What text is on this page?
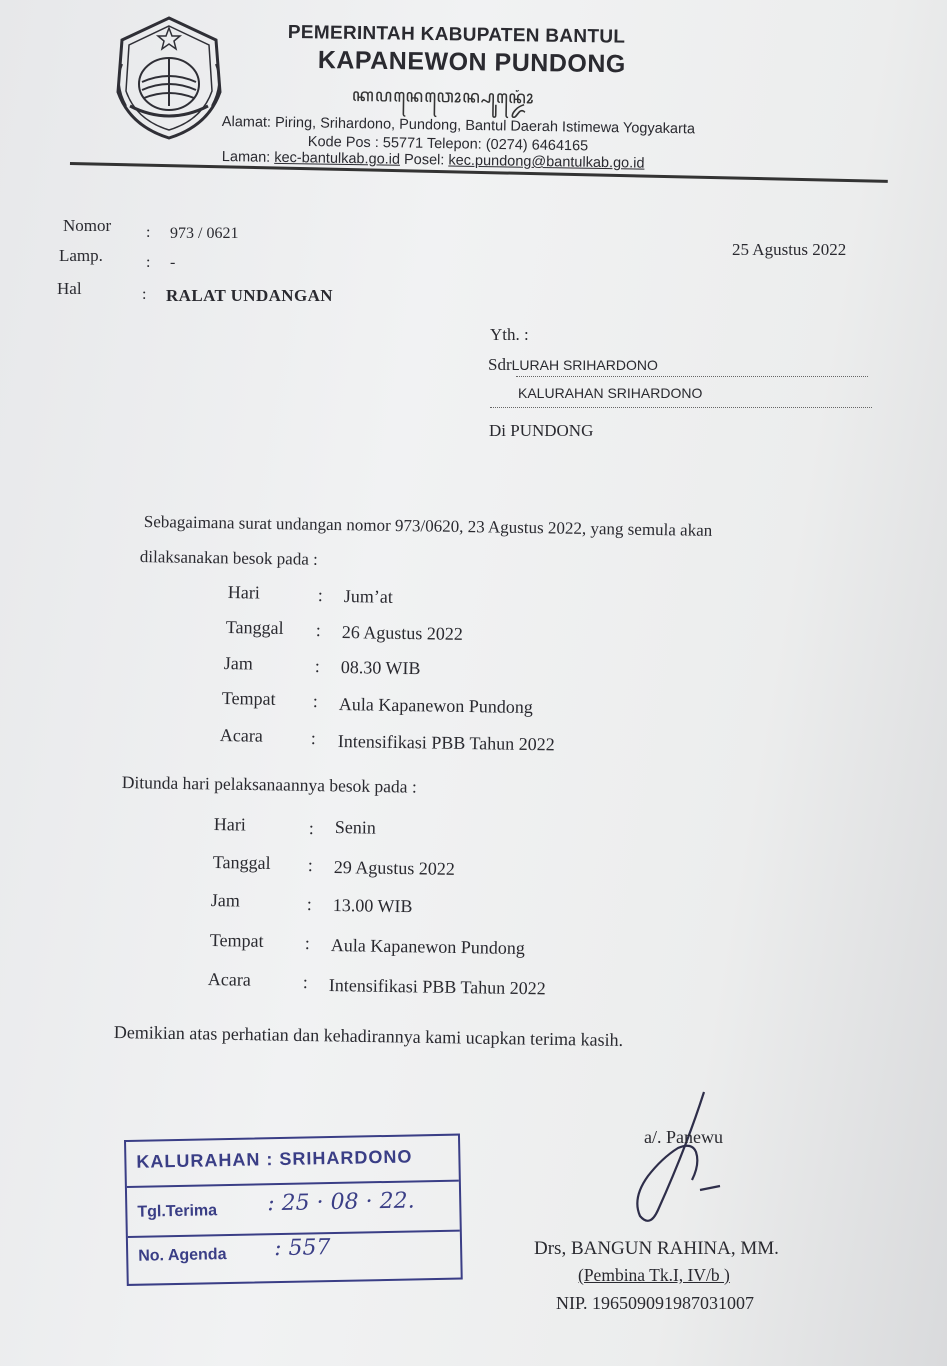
PEMERINTAH KABUPATEN BANTUL
KAPANEWON PUNDONG
ꦏꦥꦤꦺꦮꦺꦴꦤ꧀ꦥꦸꦤ꧀ꦢꦺꦴꦁ
Alamat: Piring, Srihardono, Pundong, Bantul Daerah Istimewa Yogyakarta
Kode Pos : 55771 Telepon: (0274) 6464165
Laman: kec-bantulkab.go.id Posel: kec.pundong@bantulkab.go.id
Nomor : 973 / 0621
Lamp.	: -
Hal	: RALAT UNDANGAN
25 Agustus 2022
Yth. :
SdrLURAH SRIHARDONO
KALURAHAN SRIHARDONO
Di PUNDONG
Sebagaimana surat undangan nomor 973/0620, 23 Agustus 2022, yang semula akan
dilaksanakan besok pada :
Hari	: Jum’at
Tanggal : 26 Agustus 2022
Jam	: 08.30 WIB
Tempat : Aula Kapanewon Pundong
Acara	: Intensifikasi PBB Tahun 2022
Ditunda hari pelaksanaannya besok pada :
Hari	: Senin
Tanggal : 29 Agustus 2022
Jam	: 13.00 WIB
Tempat : Aula Kapanewon Pundong
Acara	: Intensifikasi PBB Tahun 2022
Demikian atas perhatian dan kehadirannya kami ucapkan terima kasih.
KALURAHAN : SRIHARDONO
Tgl.Terima : 25 · 08 · 22.
No. Agenda : 557
a/. Panewu
Drs, BANGUN RAHINA, MM.
(Pembina Tk.I, IV/b )
NIP. 196509091987031007
